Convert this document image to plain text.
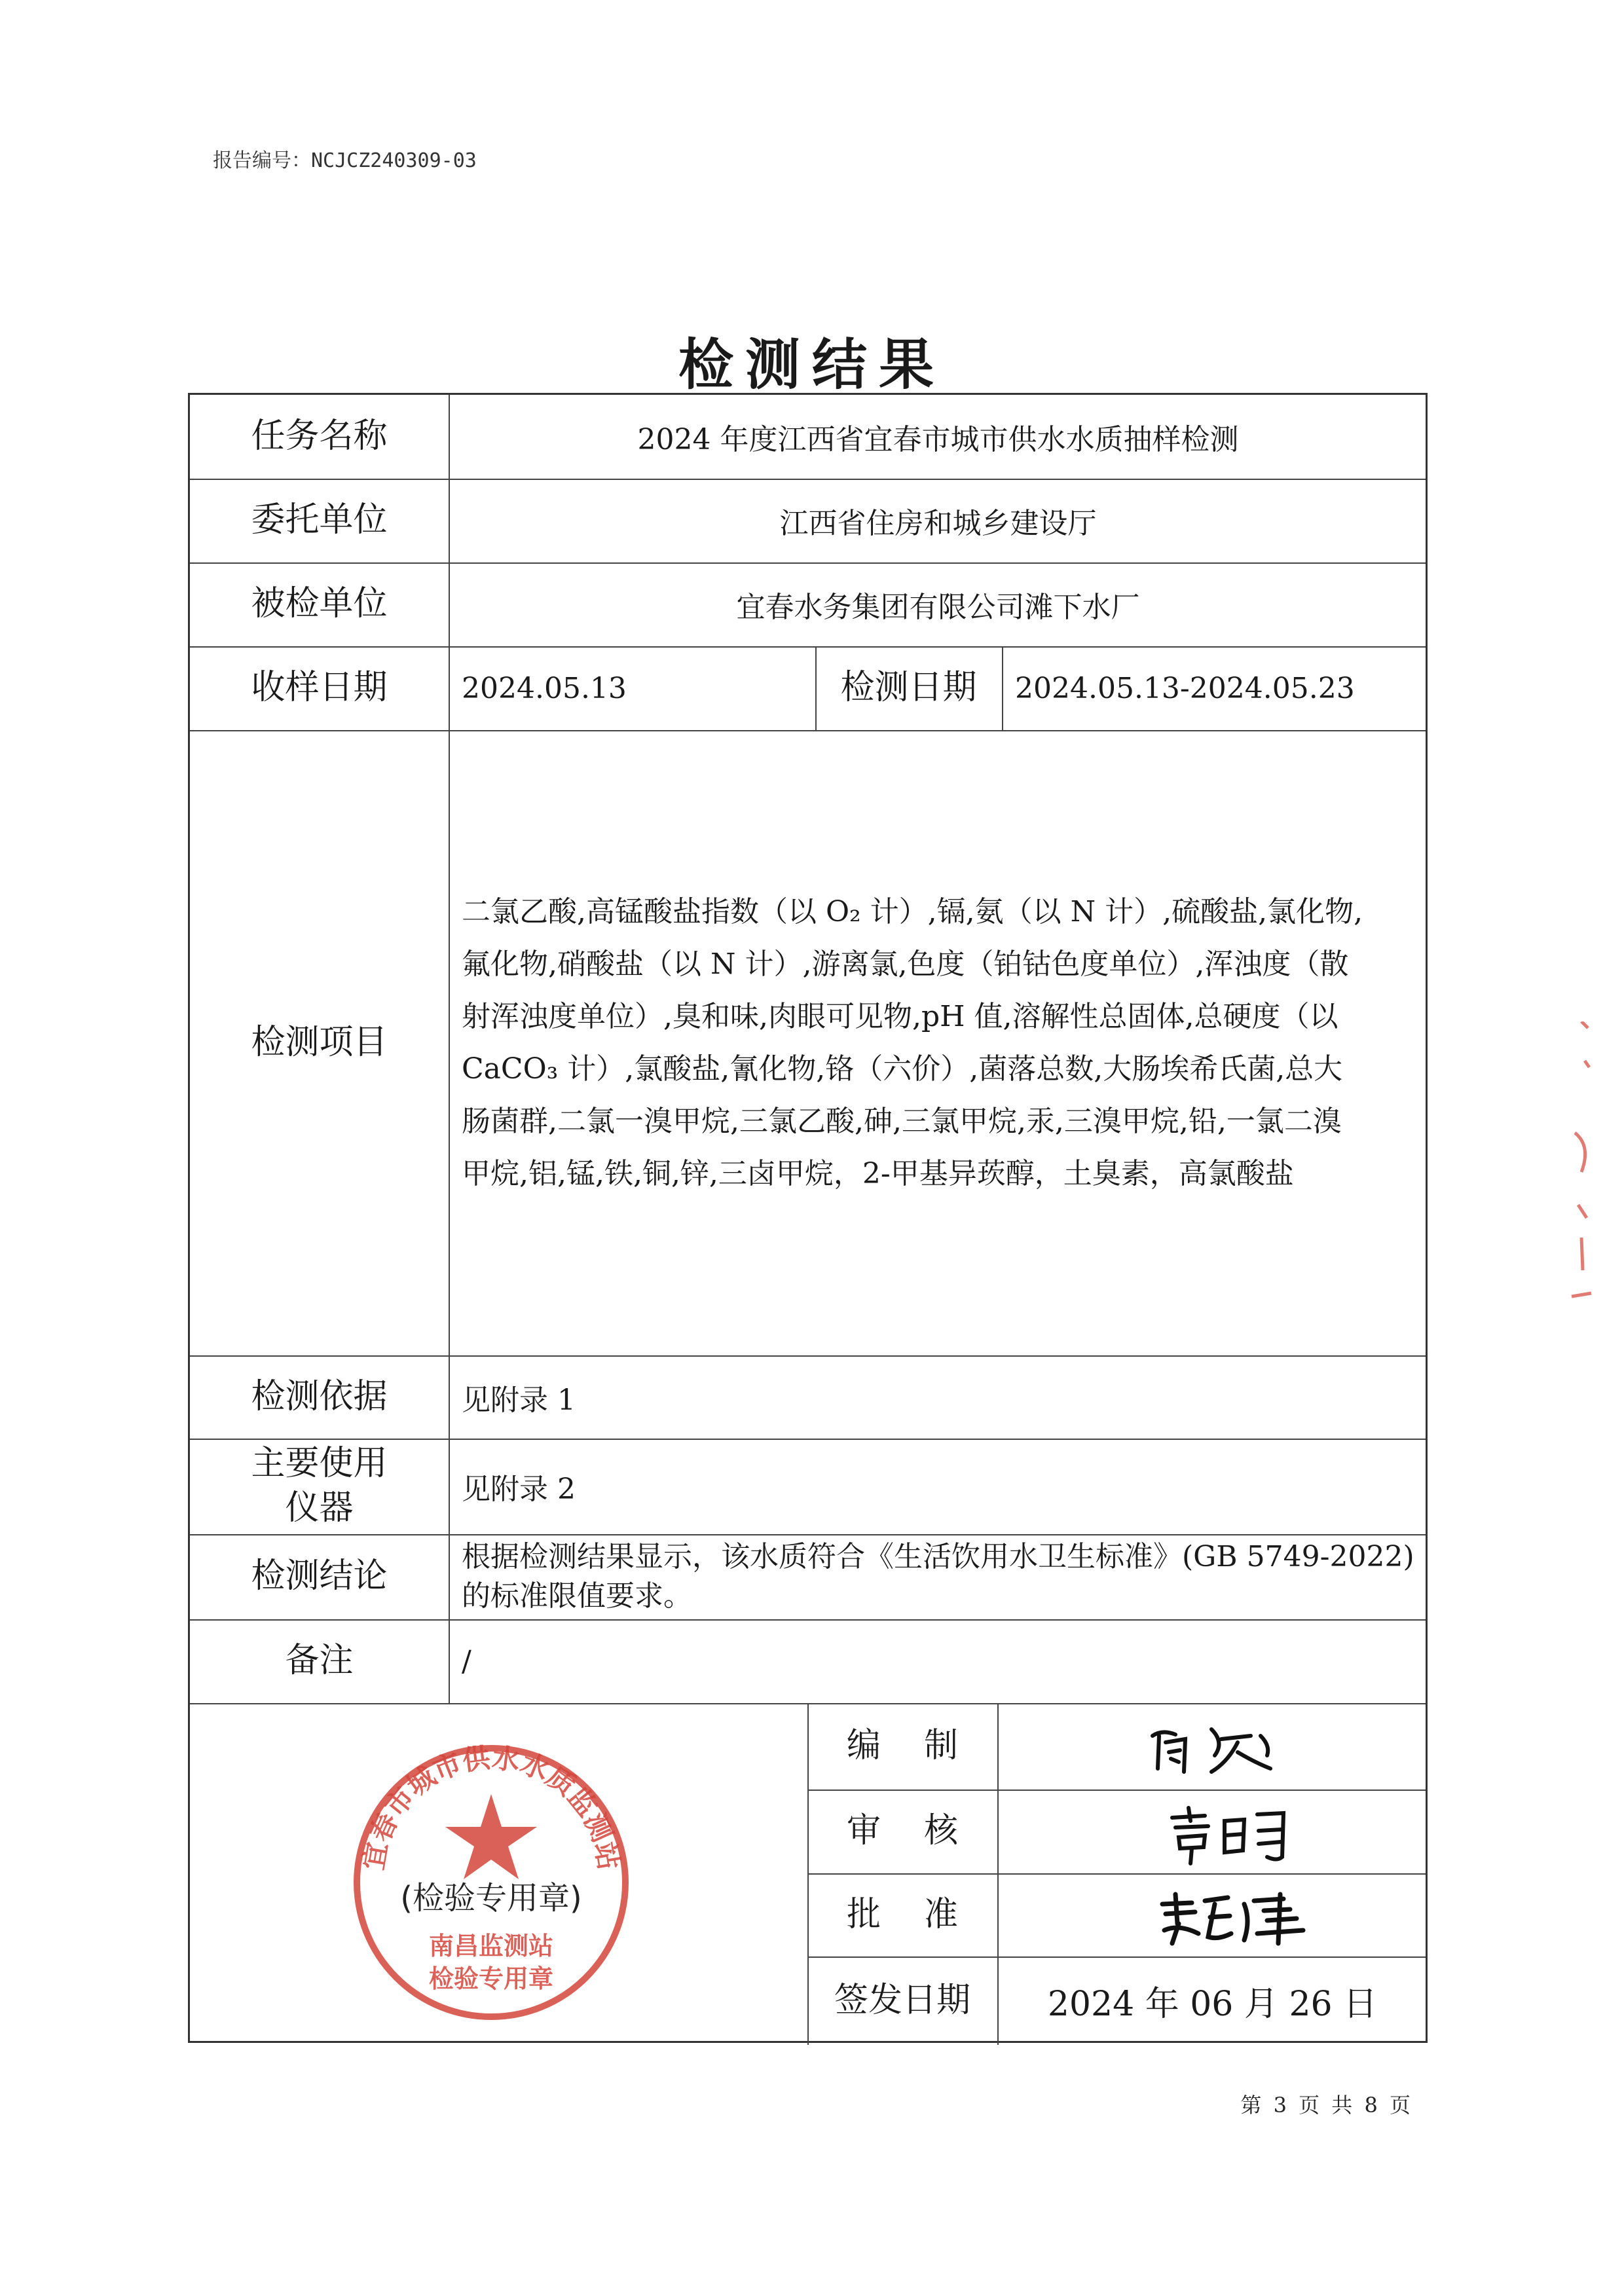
报告编号：NCJCZ240309-03
检测结果
任务名称	2024 年度江西省宜春市城市供水水质抽样检测
委托单位	江西省住房和城乡建设厅
被检单位	宜春水务集团有限公司滩下水厂
收样日期	2024.05.13	检测日期	2024.05.13-2024.05.23
检测项目
二氯乙酸,高锰酸盐指数（以 O₂ 计）,镉,氨（以 N 计）,硫酸盐,氯化物,
氟化物,硝酸盐（以 N 计）,游离氯,色度（铂钴色度单位）,浑浊度（散
射浑浊度单位）,臭和味,肉眼可见物,pH 值,溶解性总固体,总硬度（以
CaCO₃ 计）,氯酸盐,氰化物,铬（六价）,菌落总数,大肠埃希氏菌,总大
肠菌群,二氯一溴甲烷,三氯乙酸,砷,三氯甲烷,汞,三溴甲烷,铅,一氯二溴
甲烷,铝,锰,铁,铜,锌,三卤甲烷，2-甲基异莰醇，土臭素，高氯酸盐
检测依据	见附录 1
主要使用
仪器	见附录 2
检测结论	根据检测结果显示，该水质符合《生活饮用水卫生标准》(GB 5749-2022)
的标准限值要求。
备注	/
编    制
审    核
批    准
签发日期	2024 年 06 月 26 日
宜春市城市供水水质监测站
南昌监测站
检验专用章
(检验专用章)
第 3 页 共 8 页
